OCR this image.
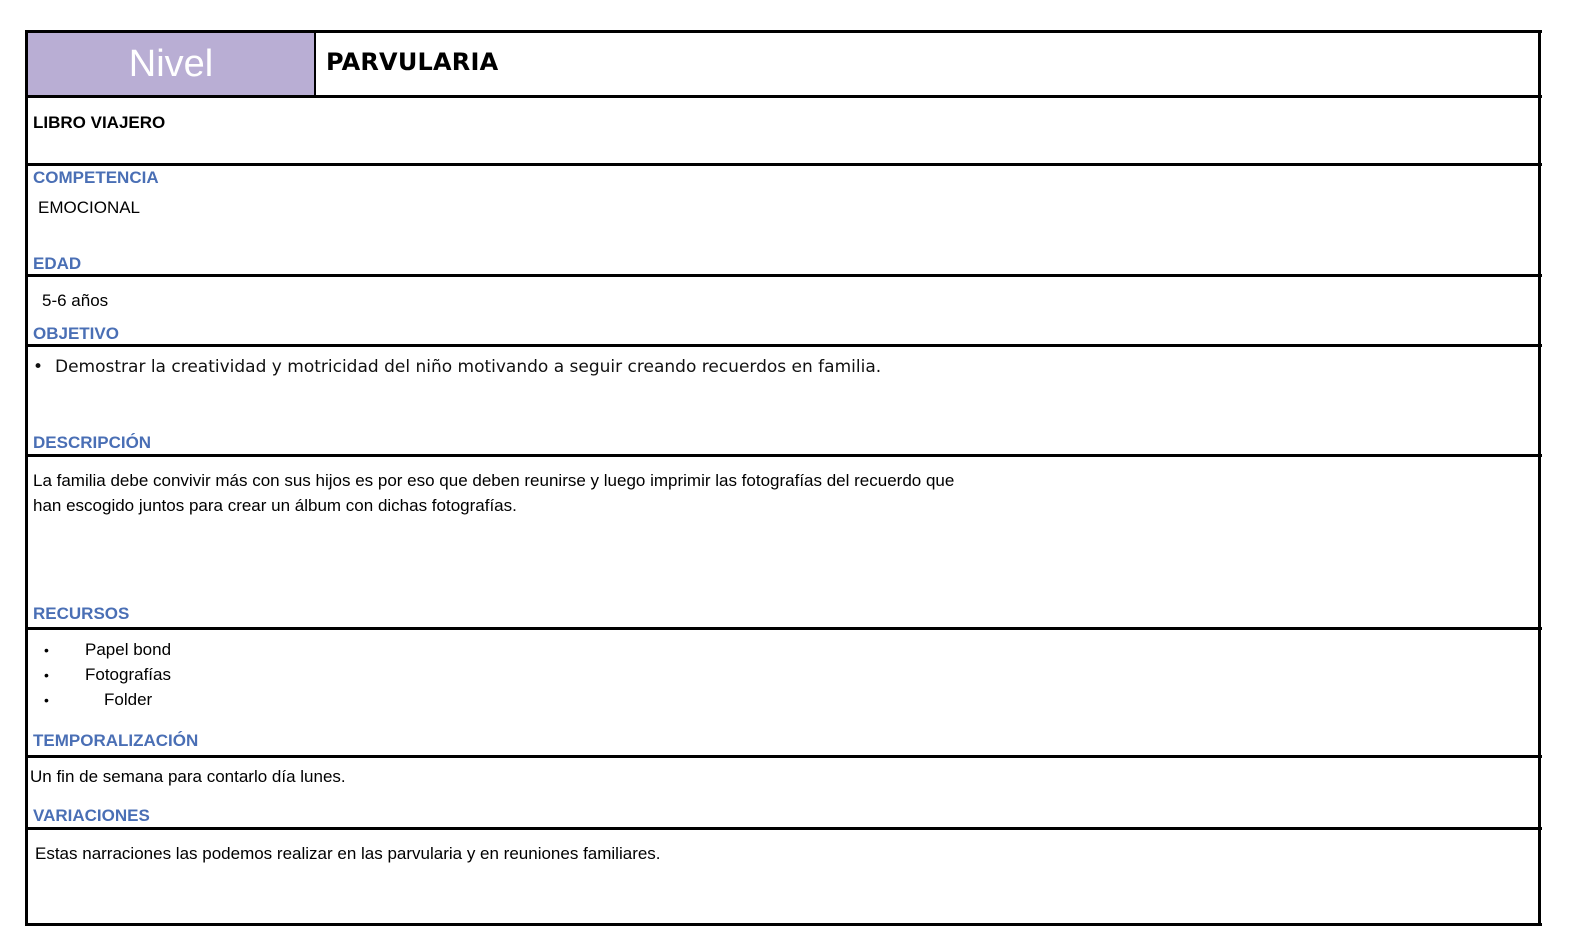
Nivel	PARVULARIA
LIBRO VIAJERO
COMPETENCIA
EMOCIONAL
EDAD
5-6 años
OBJETIVO
• Demostrar la creatividad y motricidad del niño motivando a seguir creando recuerdos en familia.
DESCRIPCIÓN
La familia debe convivir más con sus hijos es por eso que deben reunirse y luego imprimir las fotografías del recuerdo que
han escogido juntos para crear un álbum con dichas fotografías.
RECURSOS
• Papel bond
• Fotografías
•	Folder
TEMPORALIZACIÓN
Un fin de semana para contarlo día lunes.
VARIACIONES
Estas narraciones las podemos realizar en las parvularia y en reuniones familiares.
